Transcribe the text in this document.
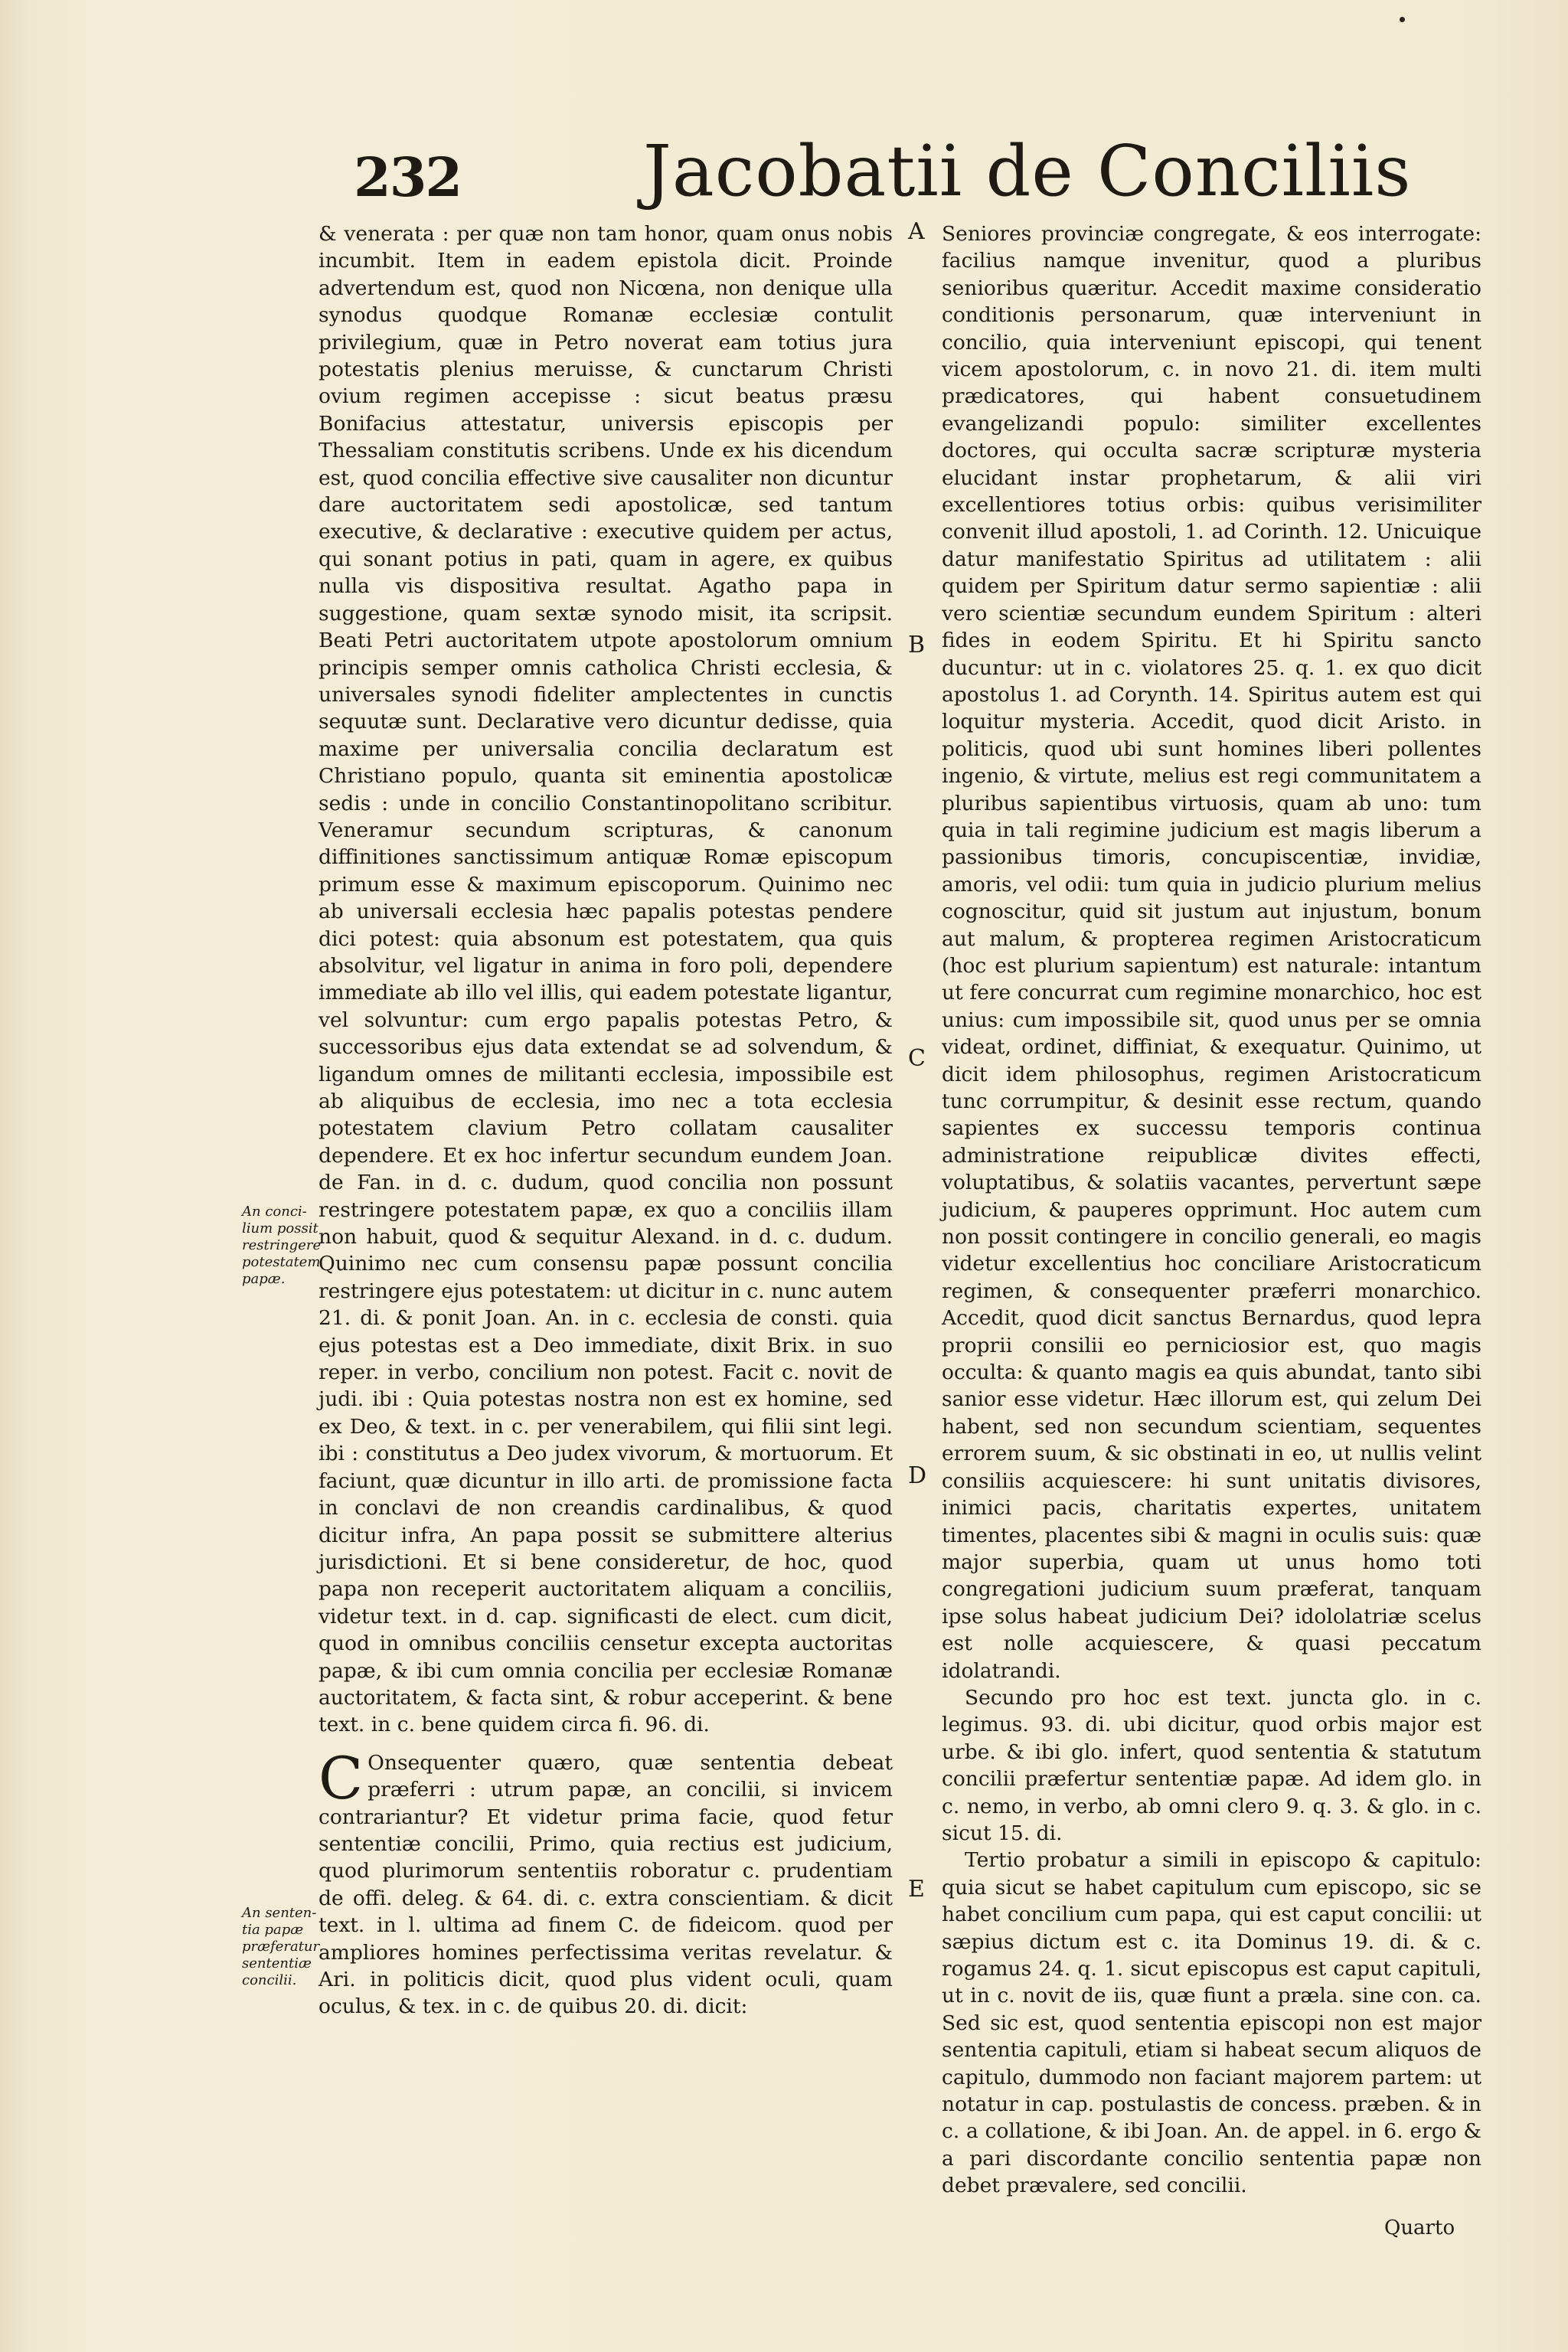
232	Jacobatii de Conciliis

& venerata : per quæ non tam honor, quam onus nobis incumbit. Item in eadem epistola dicit. Proinde advertendum est, quod non Nicœna, non denique ulla synodus quodque Romanæ ecclesiæ contulit privilegium, quæ in Petro noverat eam totius jura potestatis plenius meruisse, & cunctarum Christi ovium regimen accepisse : sicut beatus præsu Bonifacius attestatur, universis episcopis per Thessaliam constitutis scribens. Unde ex his dicendum est, quod concilia effective sive causaliter non dicuntur dare auctoritatem sedi apostolicæ, sed tantum executive, & declarative : executive quidem per actus, qui sonant potius in pati, quam in agere, ex quibus nulla vis dispositiva resultat. Agatho papa in suggestione, quam sextæ synodo misit, ita scripsit. Beati Petri auctoritatem utpote apostolorum omnium principis semper omnis catholica Christi ecclesia, & universales synodi fideliter amplectentes in cunctis sequutæ sunt. Declarative vero dicuntur dedisse, quia maxime per universalia concilia declaratum est Christiano populo, quanta sit eminentia apostolicæ sedis : unde in concilio Constantinopolitano scribitur. Veneramur secundum scripturas, & canonum diffinitiones sanctissimum antiquæ Romæ episcopum primum esse & maximum episcoporum. Quinimo nec ab universali ecclesia hæc papalis potestas pendere dici potest: quia absonum est potestatem, qua quis absolvitur, vel ligatur in anima in foro poli, dependere immediate ab illo vel illis, qui eadem potestate ligantur, vel solvuntur: cum ergo papalis potestas Petro, & successoribus ejus data extendat se ad solvendum, & ligandum omnes de militanti ecclesia, impossibile est ab aliquibus de ecclesia, imo nec a tota ecclesia potestatem clavium Petro collatam causaliter dependere. Et ex hoc infertur secundum eundem Joan. de Fan. in d. c. dudum, quod concilia non possunt restringere potestatem papæ, ex quo a conciliis illam non habuit, quod & sequitur Alexand. in d. c. dudum. Quinimo nec cum consensu papæ possunt concilia restringere ejus potestatem: ut dicitur in c. nunc autem 21. di. & ponit Joan. An. in c. ecclesia de consti. quia ejus potestas est a Deo immediate, dixit Brix. in suo reper. in verbo, concilium non potest. Facit c. novit de judi. ibi : Quia potestas nostra non est ex homine, sed ex Deo, & text. in c. per venerabilem, qui filii sint legi. ibi : constitutus a Deo judex vivorum, & mortuorum. Et faciunt, quæ dicuntur in illo arti. de promissione facta in conclavi de non creandis cardinalibus, & quod dicitur infra, An papa possit se submittere alterius jurisdictioni. Et si bene consideretur, de hoc, quod papa non receperit auctoritatem aliquam a conciliis, videtur text. in d. cap. significasti de elect. cum dicit, quod in omnibus conciliis censetur excepta auctoritas papæ, & ibi cum omnia concilia per ecclesiæ Romanæ auctoritatem, & facta sint, & robur acceperint. & bene text. in c. bene quidem circa fi. 96. di.

C Onsequenter quæro, quæ sententia debeat præferri : utrum papæ, an concilii, si invicem contrariantur? Et videtur prima facie, quod fetur sententiæ concilii, Primo, quia rectius est judicium, quod plurimorum sententiis roboratur c. prudentiam de offi. deleg. & 64. di. c. extra conscientiam. & dicit text. in l. ultima ad finem C. de fideicom. quod per ampliores homines perfectissima veritas revelatur. & Ari. in politicis dicit, quod plus vident oculi, quam oculus, & tex. in c. de quibus 20. di. dicit:

Seniores provinciæ congregate, & eos interrogate: facilius namque invenitur, quod a pluribus senioribus quæritur. Accedit maxime consideratio conditionis personarum, quæ interveniunt in concilio, quia interveniunt episcopi, qui tenent vicem apostolorum, c. in novo 21. di. item multi prædicatores, qui habent consuetudinem evangelizandi populo: similiter excellentes doctores, qui occulta sacræ scripturæ mysteria elucidant instar prophetarum, & alii viri excellentiores totius orbis: quibus verisimiliter convenit illud apostoli, 1. ad Corinth. 12. Unicuique datur manifestatio Spiritus ad utilitatem : alii quidem per Spiritum datur sermo sapientiæ : alii vero scientiæ secundum eundem Spiritum : alteri fides in eodem Spiritu. Et hi Spiritu sancto ducuntur: ut in c. violatores 25. q. 1. ex quo dicit apostolus 1. ad Corynth. 14. Spiritus autem est qui loquitur mysteria. Accedit, quod dicit Aristo. in politicis, quod ubi sunt homines liberi pollentes ingenio, & virtute, melius est regi communitatem a pluribus sapientibus virtuosis, quam ab uno: tum quia in tali regimine judicium est magis liberum a passionibus timoris, concupiscentiæ, invidiæ, amoris, vel odii: tum quia in judicio plurium melius cognoscitur, quid sit justum aut injustum, bonum aut malum, & propterea regimen Aristocraticum (hoc est plurium sapientum) est naturale: intantum ut fere concurrat cum regimine monarchico, hoc est unius: cum impossibile sit, quod unus per se omnia videat, ordinet, diffiniat, & exequatur. Quinimo, ut dicit idem philosophus, regimen Aristocraticum tunc corrumpitur, & desinit esse rectum, quando sapientes ex successu temporis continua administratione reipublicæ divites effecti, voluptatibus, & solatiis vacantes, pervertunt sæpe judicium, & pauperes opprimunt. Hoc autem cum non possit contingere in concilio generali, eo magis videtur excellentius hoc conciliare Aristocraticum regimen, & consequenter præferri monarchico. Accedit, quod dicit sanctus Bernardus, quod lepra proprii consilii eo perniciosior est, quo magis occulta: & quanto magis ea quis abundat, tanto sibi sanior esse videtur. Hæc illorum est, qui zelum Dei habent, sed non secundum scientiam, sequentes errorem suum, & sic obstinati in eo, ut nullis velint consiliis acquiescere: hi sunt unitatis divisores, inimici pacis, charitatis expertes, unitatem timentes, placentes sibi & magni in oculis suis: quæ major superbia, quam ut unus homo toti congregationi judicium suum præferat, tanquam ipse solus habeat judicium Dei? idololatriæ scelus est nolle acquiescere, & quasi peccatum idolatrandi.

Secundo pro hoc est text. juncta glo. in c. legimus. 93. di. ubi dicitur, quod orbis major est urbe. & ibi glo. infert, quod sententia & statutum concilii præfertur sententiæ papæ. Ad idem glo. in c. nemo, in verbo, ab omni clero 9. q. 3. & glo. in c. sicut 15. di.

Tertio probatur a simili in episcopo & capitulo: quia sicut se habet capitulum cum episcopo, sic se habet concilium cum papa, qui est caput concilii: ut sæpius dictum est c. ita Dominus 19. di. & c. rogamus 24. q. 1. sicut episcopus est caput capituli, ut in c. novit de iis, quæ fiunt a præla. sine con. ca. Sed sic est, quod sententia episcopi non est major sententia capituli, etiam si habeat secum aliquos de capitulo, dummodo non faciant majorem partem: ut notatur in cap. postulastis de concess. præben. & in c. a collatione, & ibi Joan. An. de appel. in 6. ergo & a pari discordante concilio sententia papæ non debet prævalere, sed concilii.

A
B
C
D
E
An conci- lium possit restringere potestatem papæ.
An senten- tia papæ præferatur sententiæ concilii.
Quarto
